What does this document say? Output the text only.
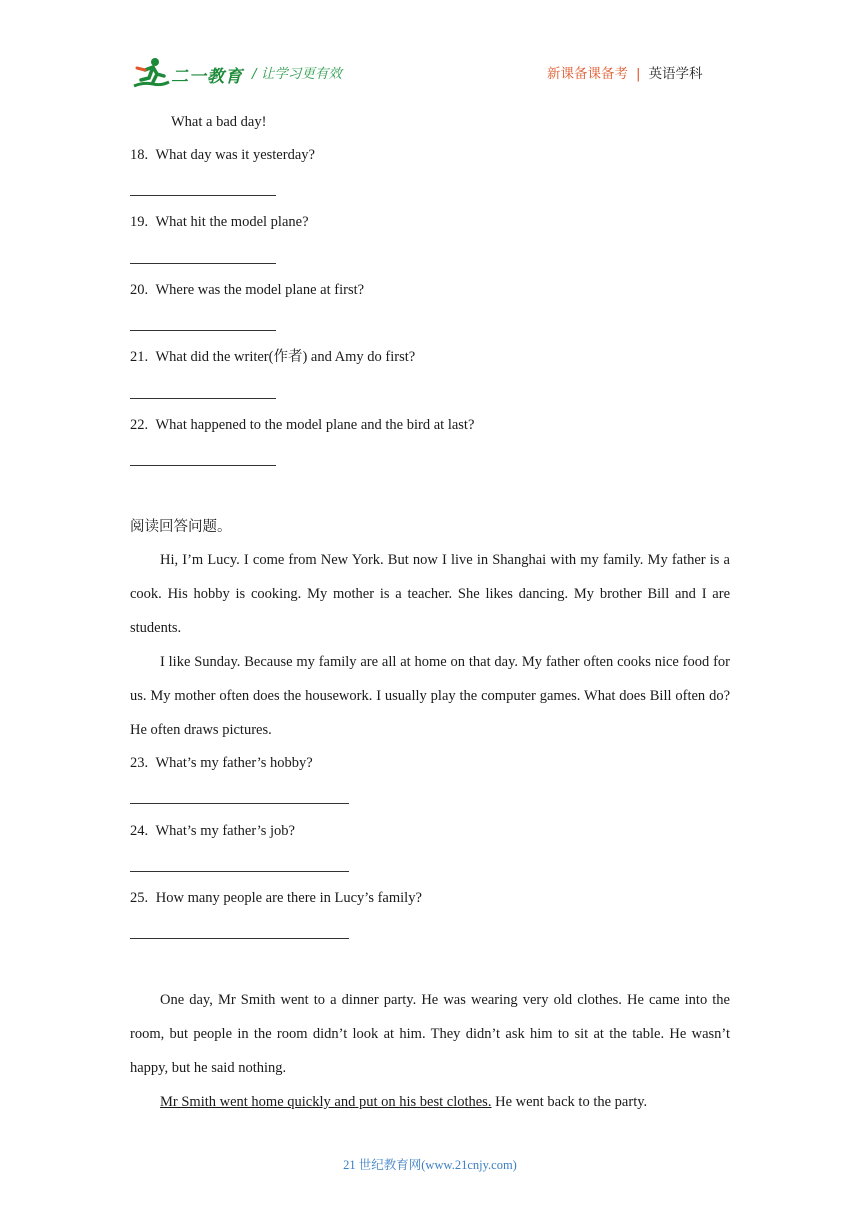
二一教育 / 让学习更有效	新课备课备考 | 英语学科
What a bad day!
18. What day was it yesterday?
19. What hit the model plane?
20. Where was the model plane at first?
21. What did the writer(作者) and Amy do first?
22. What happened to the model plane and the bird at last?
阅读回答问题。

Hi, I’m Lucy. I come from New York. But now I live in Shanghai with my family. My father is a cook. His hobby is cooking. My mother is a teacher. She likes dancing. My brother Bill and I are students.

I like Sunday. Because my family are all at home on that day. My father often cooks nice food for us. My mother often does the housework. I usually play the computer games. What does Bill often do? He often draws pictures.

23. What’s my father’s hobby?
24. What’s my father’s job?
25. How many people are there in Lucy’s family?

One day, Mr Smith went to a dinner party. He was wearing very old clothes. He came into the room, but people in the room didn’t look at him. They didn’t ask him to sit at the table. He wasn’t happy, but he said nothing.

Mr Smith went home quickly and put on his best clothes. He went back to the party.

21 世纪教育网(www.21cnjy.com)
